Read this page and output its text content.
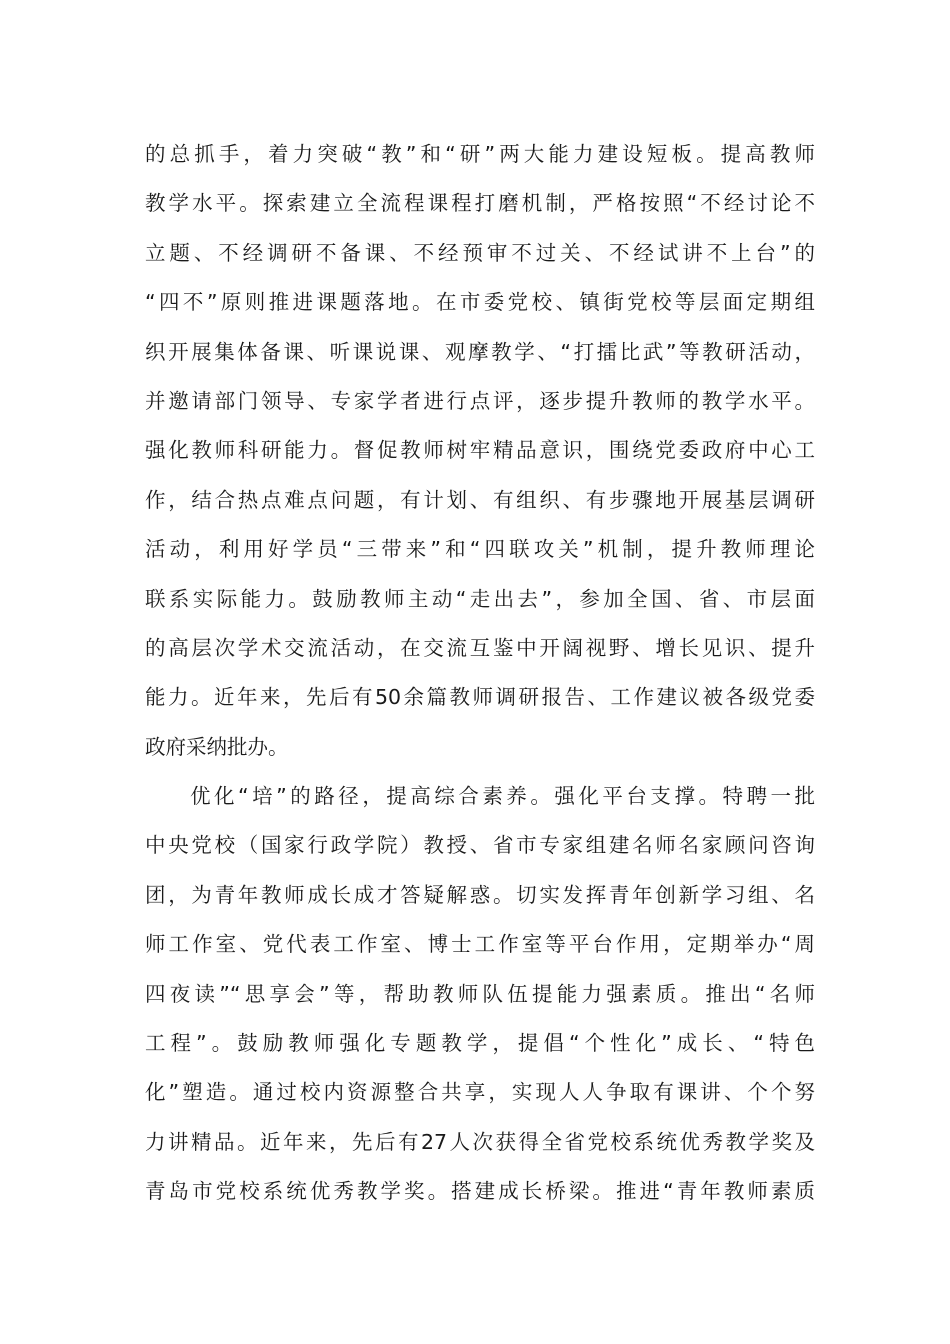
的总抓手，着力突破“教”和“研”两大能力建设短板。提高教师
教学水平。探索建立全流程课程打磨机制，严格按照“不经讨论不
立题、不经调研不备课、不经预审不过关、不经试讲不上台”的
“四不”原则推进课题落地。在市委党校、镇街党校等层面定期组
织开展集体备课、听课说课、观摩教学、“打擂比武”等教研活动，
并邀请部门领导、专家学者进行点评，逐步提升教师的教学水平。
强化教师科研能力。督促教师树牢精品意识，围绕党委政府中心工
作，结合热点难点问题，有计划、有组织、有步骤地开展基层调研
活动，利用好学员“三带来”和“四联攻关”机制，提升教师理论
联系实际能力。鼓励教师主动“走出去”，参加全国、省、市层面
的高层次学术交流活动，在交流互鉴中开阔视野、增长见识、提升
能力。近年来，先后有50余篇教师调研报告、工作建议被各级党委
政府采纳批办。
优化“培”的路径，提高综合素养。强化平台支撑。特聘一批
中央党校（国家行政学院）教授、省市专家组建名师名家顾问咨询
团，为青年教师成长成才答疑解惑。切实发挥青年创新学习组、名
师工作室、党代表工作室、博士工作室等平台作用，定期举办“周
四夜读”“思享会”等，帮助教师队伍提能力强素质。推出“名师
工程”。鼓励教师强化专题教学，提倡“个性化”成长、“特色
化”塑造。通过校内资源整合共享，实现人人争取有课讲、个个努
力讲精品。近年来，先后有27人次获得全省党校系统优秀教学奖及
青岛市党校系统优秀教学奖。搭建成长桥梁。推进“青年教师素质
